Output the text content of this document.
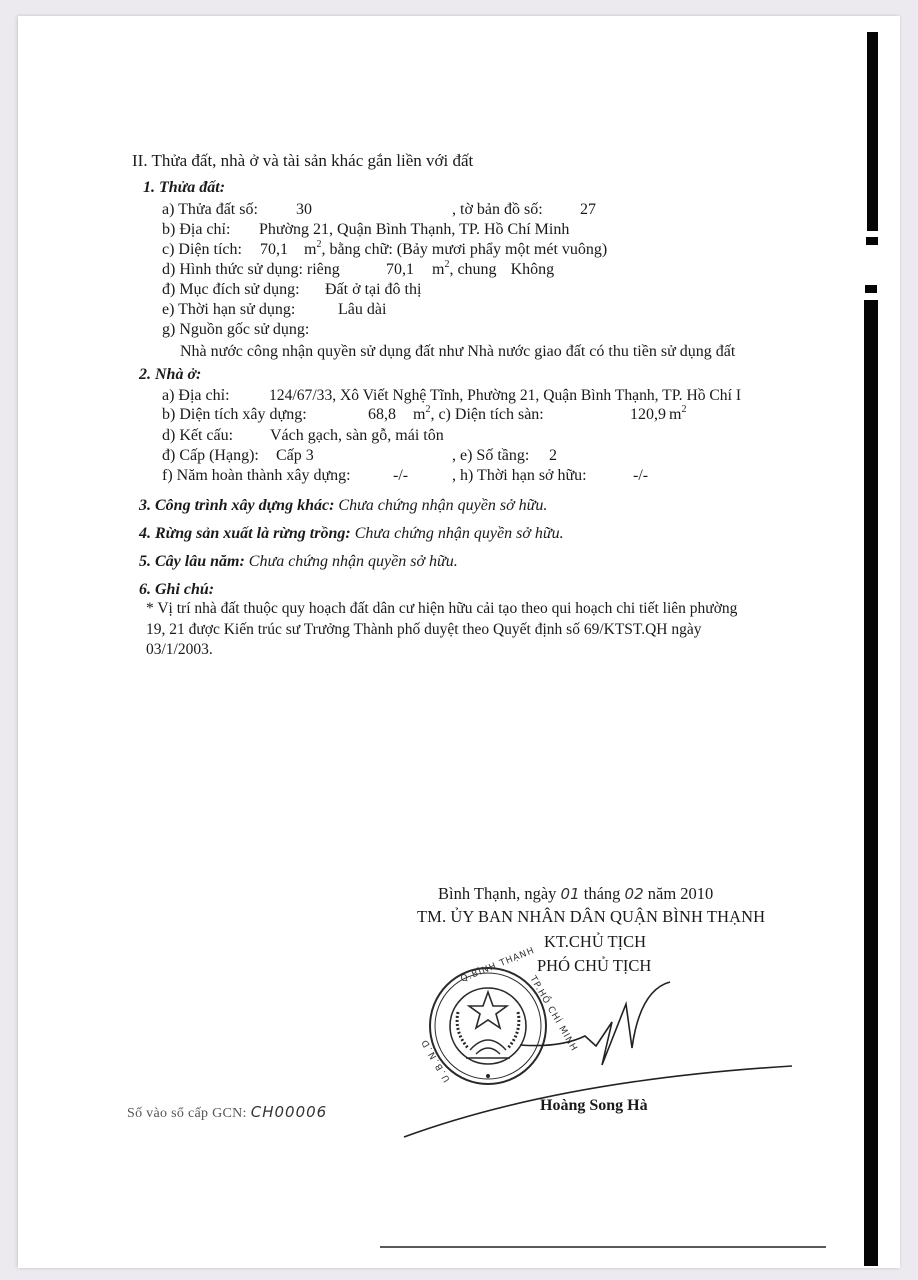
II. Thửa đất, nhà ở và tài sản khác gắn liền với đất
1. Thửa đất:
a) Thửa đất số: 30	, tờ bản đồ số: 27
b) Địa chỉ: Phường 21, Quận Bình Thạnh, TP. Hồ Chí Minh
c) Diện tích: 70,1 $m^2$, bằng chữ: (Bảy mươi phẩy một mét vuông)
d) Hình thức sử dụng: riêng	70,1 $m^2$, chung Không
đ) Mục đích sử dụng: Đất ở tại đô thị
e) Thời hạn sử dụng:	Lâu dài
g) Nguồn gốc sử dụng:
Nhà nước công nhận quyền sử dụng đất như Nhà nước giao đất có thu tiền sử dụng đất
2. Nhà ở:
a) Địa chỉ:	124/67/33, Xô Viết Nghệ Tĩnh, Phường 21, Quận Bình Thạnh, TP. Hồ Chí I
b) Diện tích xây dựng:	68,8 $m^2$, c) Diện tích sàn:	120,9 $m^2$
d) Kết cấu: Vách gạch, sàn gỗ, mái tôn
đ) Cấp (Hạng): Cấp 3	, e) Số tầng: 2
f) Năm hoàn thành xây dựng:	-/-	, h) Thời hạn sở hữu:	-/-
3. Công trình xây dựng khác: Chưa chứng nhận quyền sở hữu.
4. Rừng sản xuất là rừng trồng: Chưa chứng nhận quyền sở hữu.
5. Cây lâu năm: Chưa chứng nhận quyền sở hữu.
6. Ghi chú:
* Vị trí nhà đất thuộc quy hoạch đất dân cư hiện hữu cải tạo theo qui hoạch chi tiết liên phường
19, 21 được Kiến trúc sư Trưởng Thành phố duyệt theo Quyết định số 69/KTST.QH ngày
03/1/2003.
Bình Thạnh, ngày 01 tháng 02 năm 2010
TM. ỦY BAN NHÂN DÂN QUẬN BÌNH THẠNH
KT.CHỦ TỊCH
PHÓ CHỦ TỊCH
Q.BÌNH THẠNH
TP.HỒ CHÍ MINH
U.B.N.D
Hoàng Song Hà
Số vào sổ cấp GCN: CH00006
